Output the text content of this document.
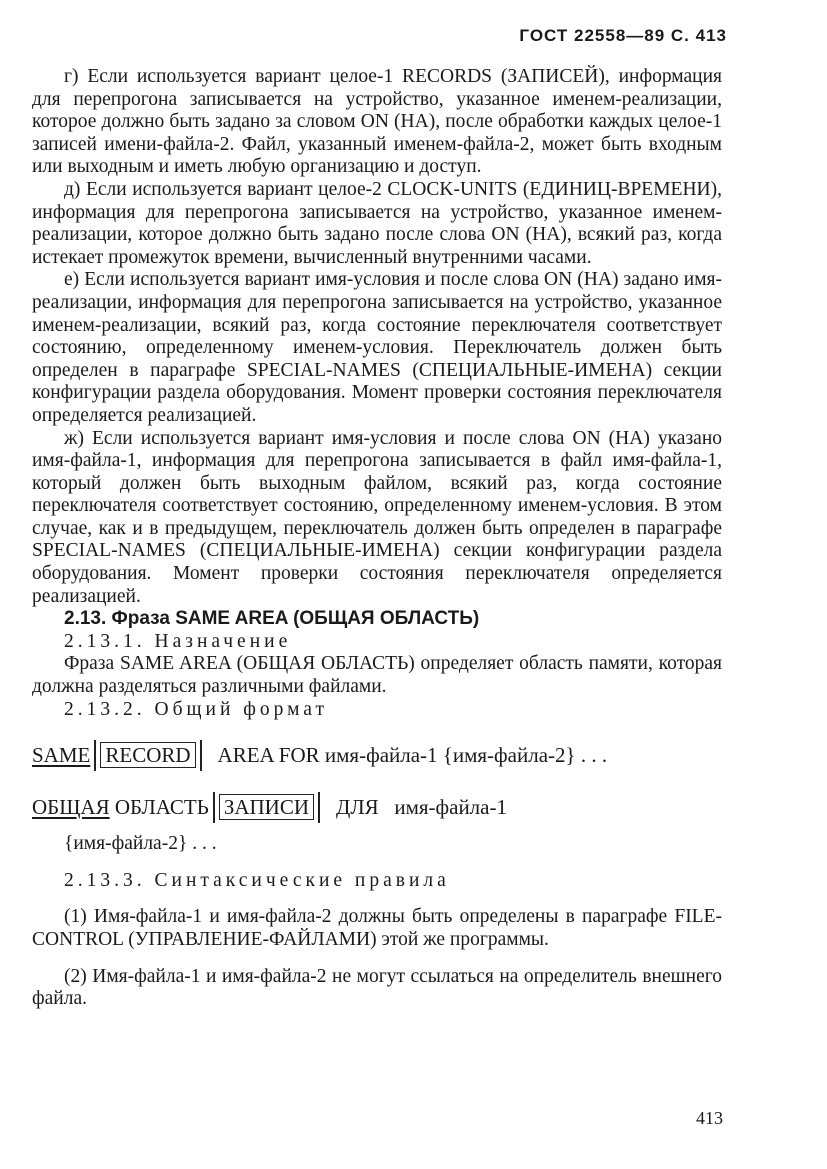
ГОСТ 22558—89 С. 413

г) Если используется вариант целое-1 RECORDS (ЗАПИСЕЙ), информация для перепрогона записывается на устройство, указанное именем-реализации, которое должно быть задано за словом ON (НА), после обработки каждых целое-1 записей имени-файла-2. Файл, указанный именем-файла-2, может быть входным или выходным и иметь любую организацию и доступ.

д) Если используется вариант целое-2 CLOCK-UNITS (ЕДИНИЦ-ВРЕМЕНИ), информация для перепрогона записывается на устройство, указанное именем-реализации, которое должно быть задано после слова ON (НА), всякий раз, когда истекает промежуток времени, вычисленный внутренними часами.

е) Если используется вариант имя-условия и после слова ON (НА) задано имя-реализации, информация для перепрогона записывается на устройство, указанное именем-реализации, всякий раз, когда состояние переключателя соответствует состоянию, определенному именем-условия. Переключатель должен быть определен в параграфе SPECIAL-NAMES (СПЕЦИАЛЬНЫЕ-ИМЕНА) секции конфигурации раздела оборудования. Момент проверки состояния переключателя определяется реализацией.

ж) Если используется вариант имя-условия и после слова ON (НА) указано имя-файла-1, информация для перепрогона записывается в файл имя-файла-1, который должен быть выходным файлом, всякий раз, когда состояние переключателя соответствует состоянию, определенному именем-условия. В этом случае, как и в предыдущем, переключатель должен быть определен в параграфе SPECIAL-NAMES (СПЕЦИАЛЬНЫЕ-ИМЕНА) секции конфигурации раздела оборудования. Момент проверки состояния переключателя определяется реализацией.

2.13. Фраза SAME AREA (ОБЩАЯ ОБЛАСТЬ)

2.13.1. Назначение

Фраза SAME AREA (ОБЩАЯ ОБЛАСТЬ) определяет область памяти, которая должна разделяться различными файлами.

2.13.2. Общий формат

SAME RECORD	AREA FOR имя-файла-1 {имя-файла-2} . . .
ОБЩАЯ
ОБЛАСТЬ ЗАПИСИ	ДЛЯ   имя-файла-1
{имя-файла-2} . . .

2.13.3. Синтаксические правила

(1) Имя-файла-1 и имя-файла-2 должны быть определены в параграфе FILE-CONTROL (УПРАВЛЕНИЕ-ФАЙЛАМИ) этой же программы.

(2) Имя-файла-1 и имя-файла-2 не могут ссылаться на определитель внешнего файла.

413
